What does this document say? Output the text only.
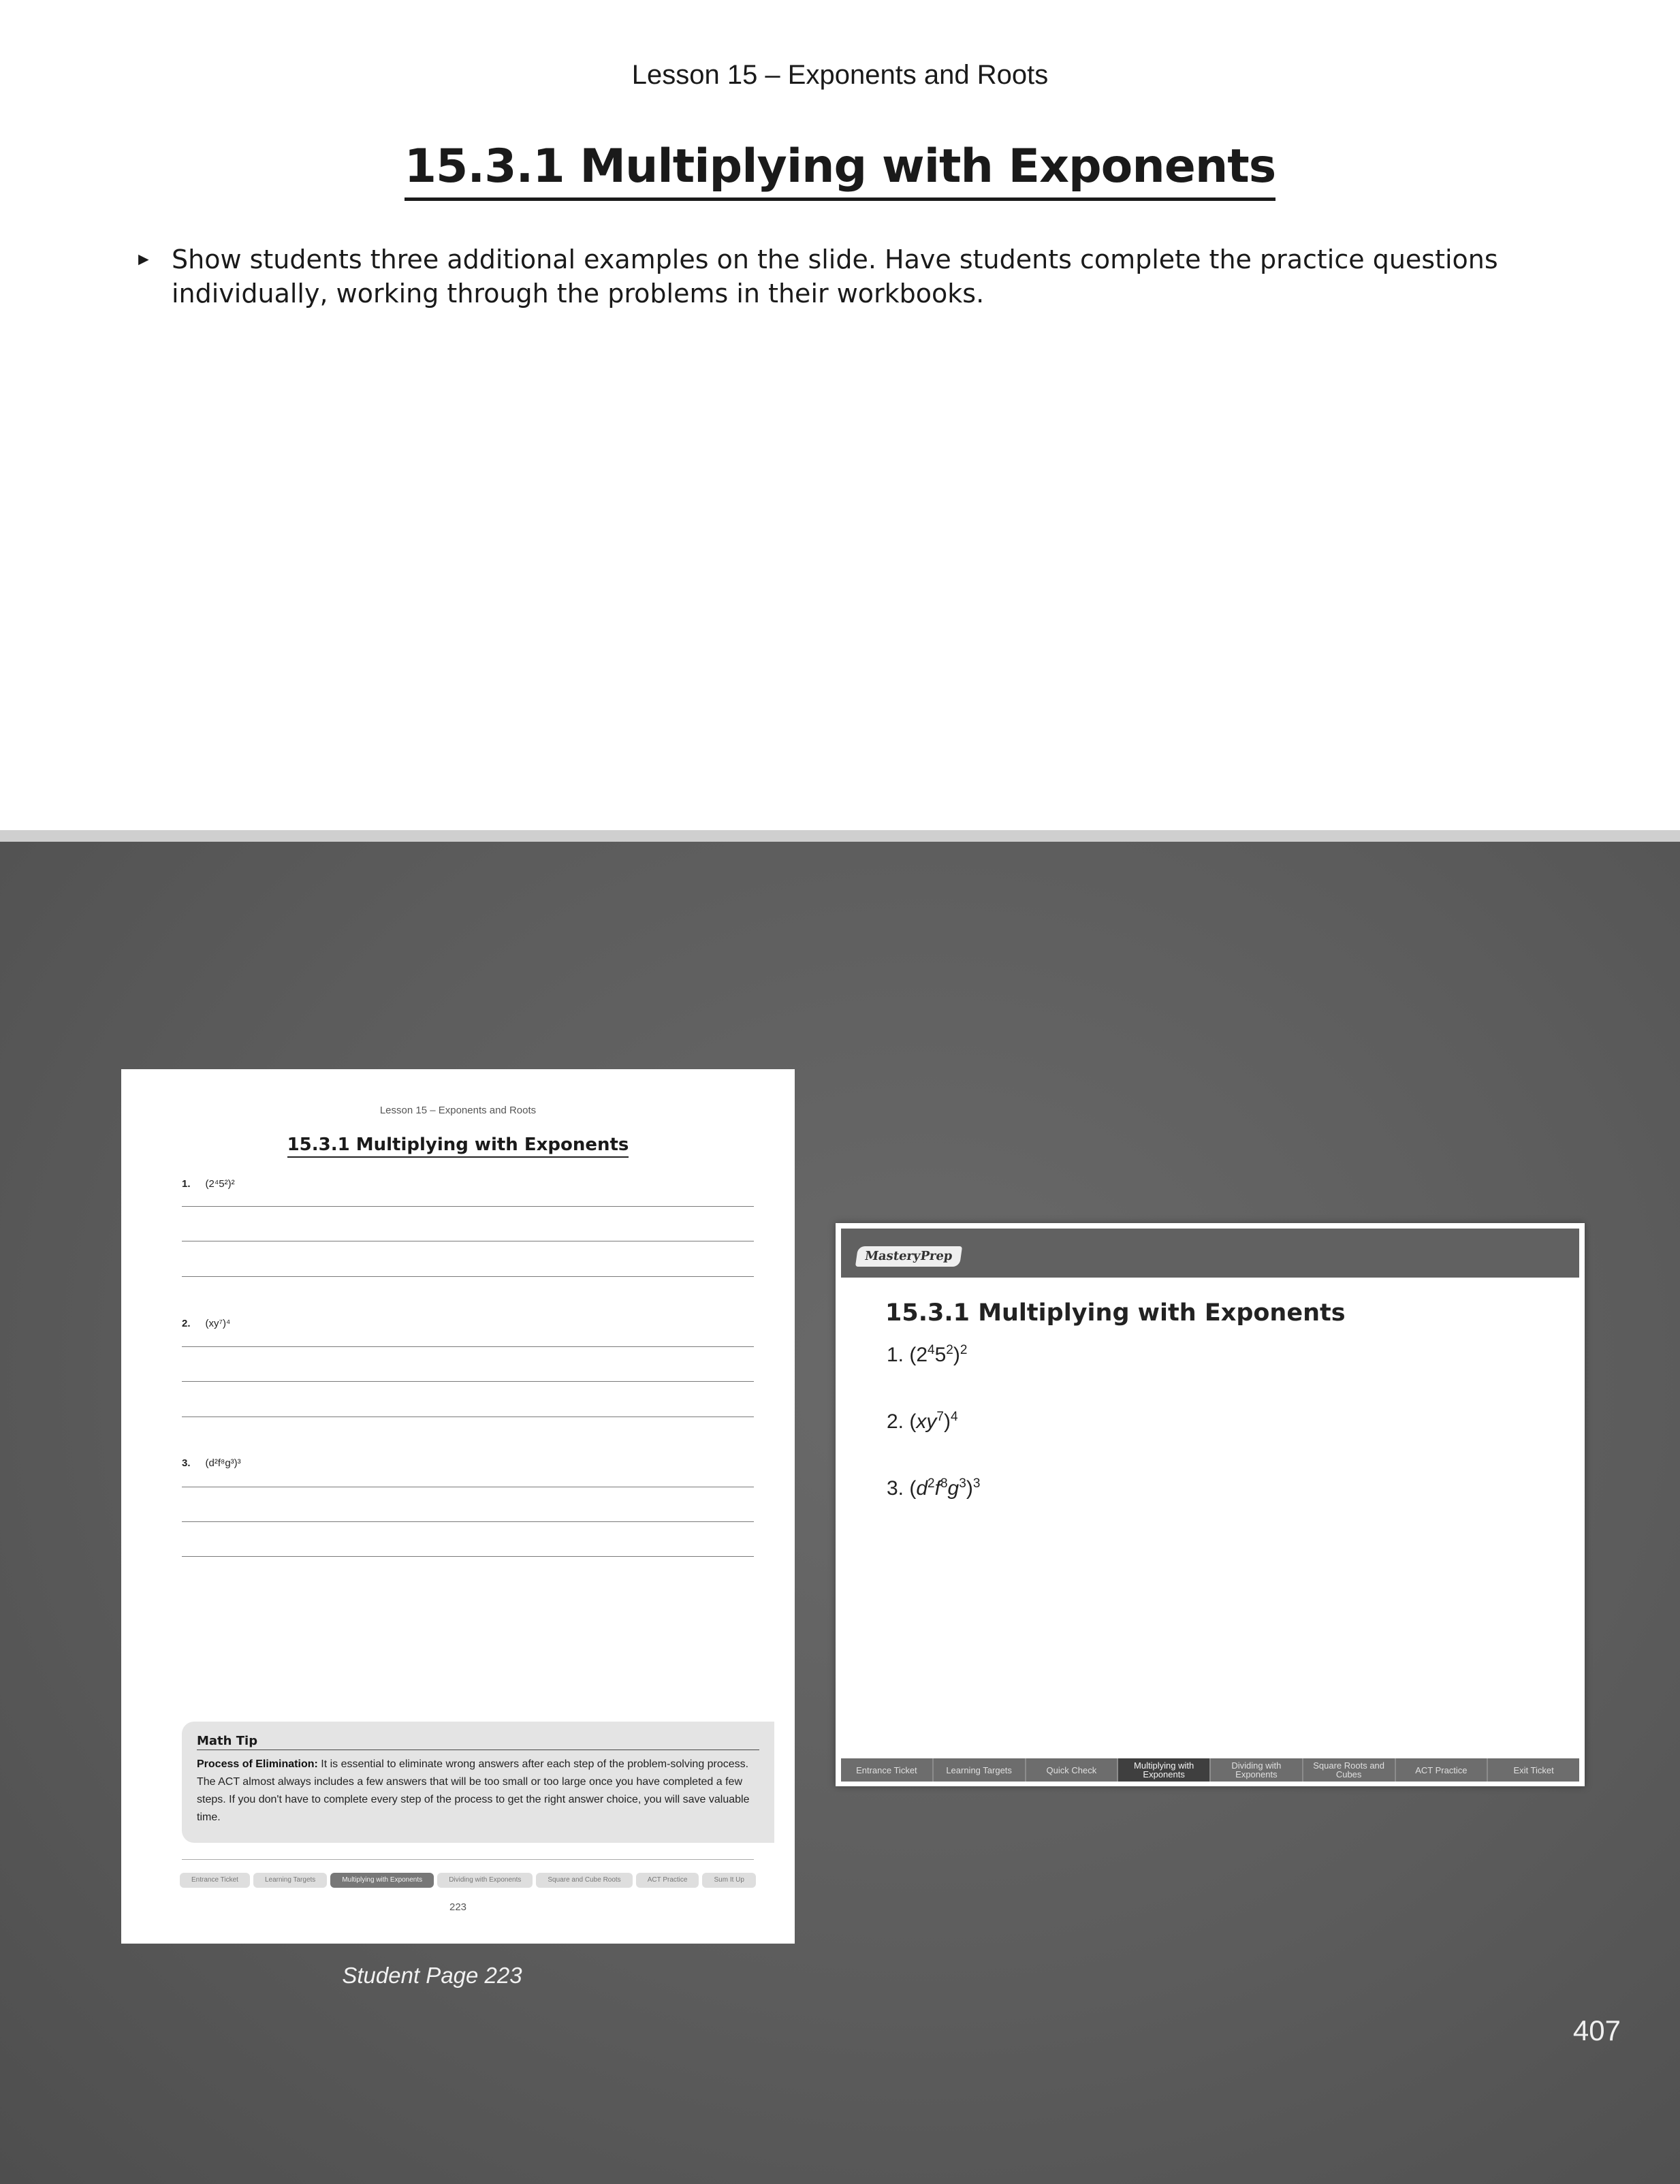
Lesson 15 – Exponents and Roots
15.3.1 Multiplying with Exponents
► Show students three additional examples on the slide. Have students complete the practice questions individually, working through the problems in their workbooks.
Lesson 15 – Exponents and Roots
15.3.1 Multiplying with Exponents
1. (2⁴5²)²
2. (xy⁷)⁴
3. (d²f⁸g³)³
Math Tip
Process of Elimination: It is essential to eliminate wrong answers after each step of the problem-solving process. The ACT almost always includes a few answers that will be too small or too large once you have completed a few steps. If you don't have to complete every step of the process to get the right answer choice, you will save valuable time.
Entrance Ticket	Learning Targets	Multiplying with Exponents	Dividing with Exponents	Square and Cube Roots	ACT Practice	Sum It Up
223
Student Page 223
MasteryPrep
15.3.1 Multiplying with Exponents
1. $(2^45^2)^2$
2. $(xy^7)^4$
3. $(d^2f^8g^3)^3$
Entrance Ticket	Learning Targets	Quick Check	Multiplying with Exponents
Dividing with Exponents
Square Roots and Cubes	ACT Practice	Exit Ticket
407
